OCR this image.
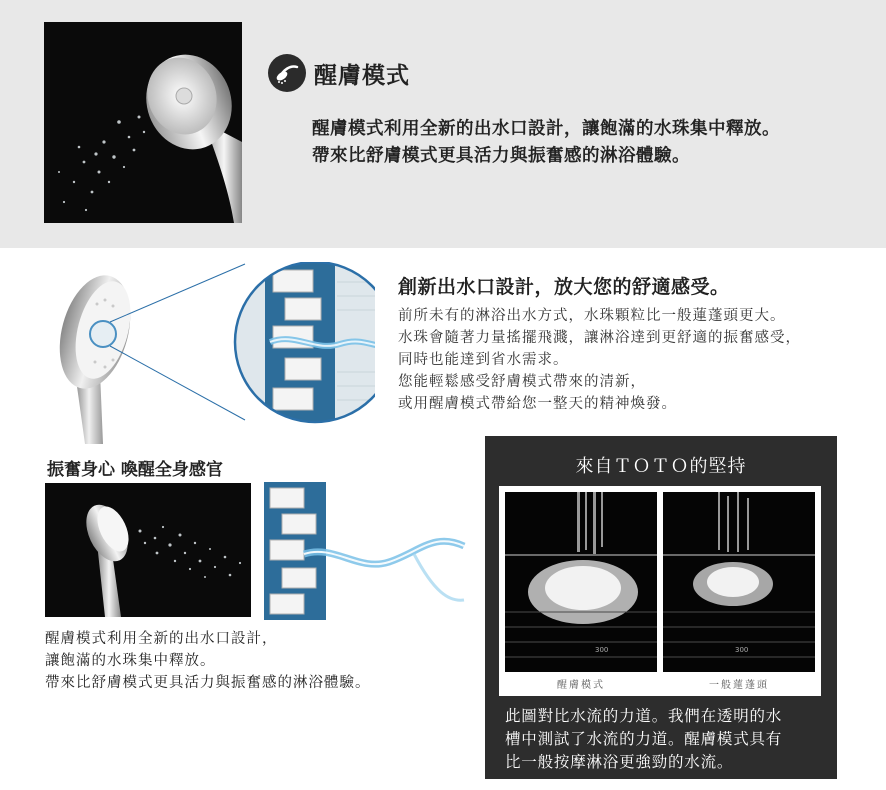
醒膚模式
醒膚模式利用全新的出水口設計，讓飽滿的水珠集中釋放。
帶來比舒膚模式更具活力與振奮感的淋浴體驗。
創新出水口設計，放大您的舒適感受。
前所未有的淋浴出水方式，水珠顆粒比一般蓮蓬頭更大。
水珠會隨著力量搖擺飛濺，讓淋浴達到更舒適的振奮感受，
同時也能達到省水需求。
您能輕鬆感受舒膚模式帶來的清新，
或用醒膚模式帶給您一整天的精神煥發。
振奮身心 喚醒全身感官
醒膚模式利用全新的出水口設計，
讓飽滿的水珠集中釋放。
帶來比舒膚模式更具活力與振奮感的淋浴體驗。
來自ＴＯＴＯ的堅持
300	300
醒膚模式	一般蓮蓬頭
此圖對比水流的力道。我們在透明的水
槽中測試了水流的力道。醒膚模式具有
比一般按摩淋浴更強勁的水流。
